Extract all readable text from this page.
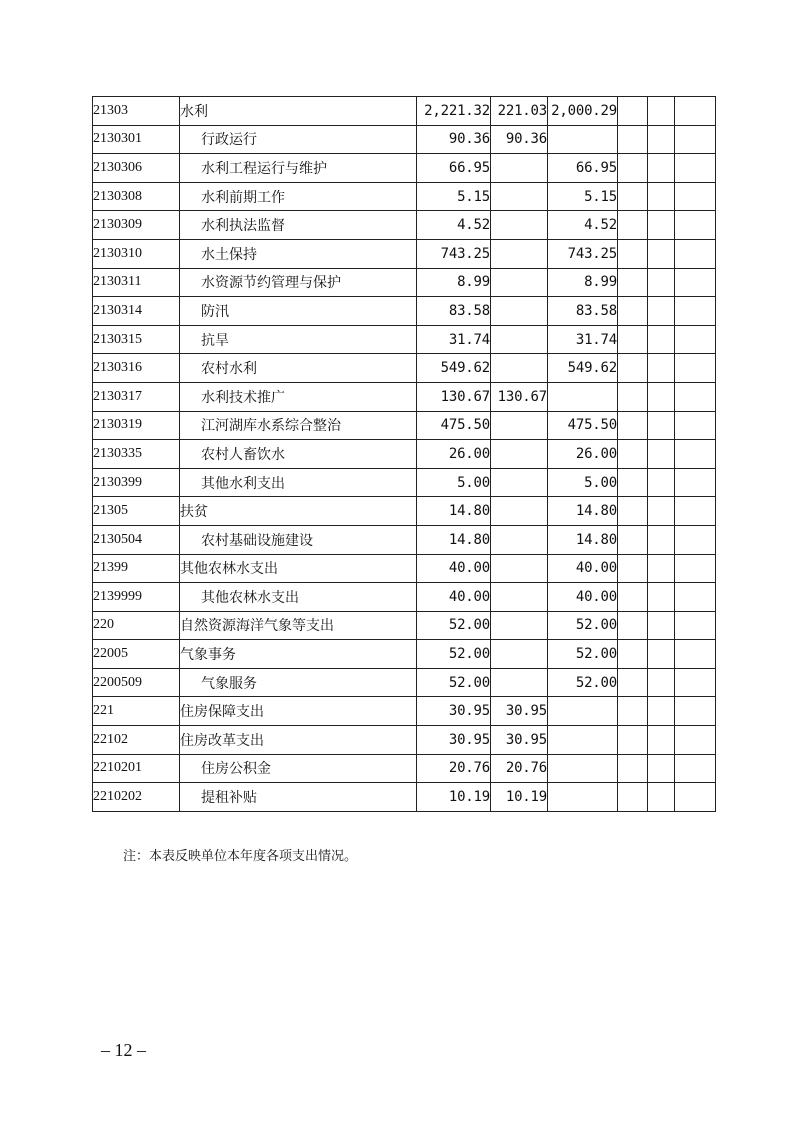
21303	水利	2,221.32	221.03	2,000.29			
2130301	行政运行	90.36	90.36				
2130306	水利工程运行与维护	66.95		66.95			
2130308	水利前期工作	5.15		5.15			
2130309	水利执法监督	4.52		4.52			
2130310	水土保持	743.25		743.25			
2130311	水资源节约管理与保护	8.99		8.99			
2130314	防汛	83.58		83.58			
2130315	抗旱	31.74		31.74			
2130316	农村水利	549.62		549.62			
2130317	水利技术推广	130.67	130.67				
2130319	江河湖库水系综合整治	475.50		475.50			
2130335	农村人畜饮水	26.00		26.00			
2130399	其他水利支出	5.00		5.00			
21305	扶贫	14.80		14.80			
2130504	农村基础设施建设	14.80		14.80			
21399	其他农林水支出	40.00		40.00			
2139999	其他农林水支出	40.00		40.00			
220	自然资源海洋气象等支出	52.00		52.00			
22005	气象事务	52.00		52.00			
2200509	气象服务	52.00		52.00			
221	住房保障支出	30.95	30.95				
22102	住房改革支出	30.95	30.95				
2210201	住房公积金	20.76	20.76				
2210202	提租补贴	10.19	10.19				
注：本表反映单位本年度各项支出情况。
– 12 –
